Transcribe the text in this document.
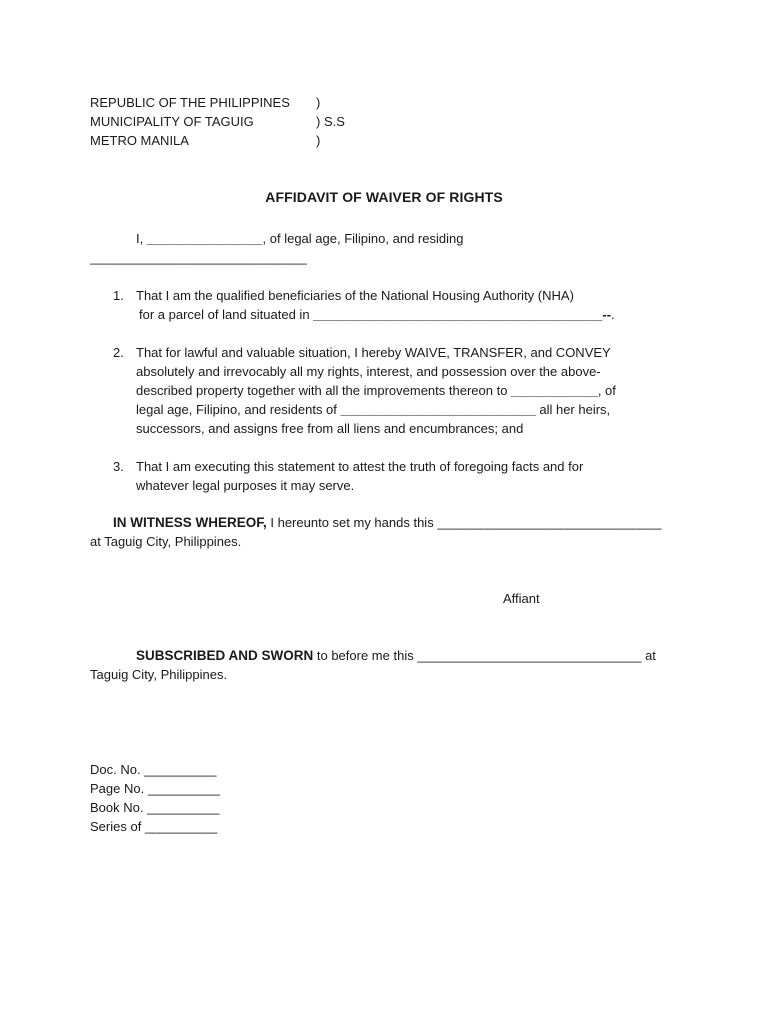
REPUBLIC OF THE PHILIPPINES
MUNICIPALITY OF TAGUIG
METRO MANILA
)
) S.S
)
AFFIDAVIT OF WAIVER OF RIGHTS
I, ________________, of legal age, Filipino, and residing
______________________________
1. That I am the qualified beneficiaries of the National Housing Authority (NHA)
for a parcel of land situated in ________________________________________--.
2. That for lawful and valuable situation, I hereby WAIVE, TRANSFER, and CONVEY
absolutely and irrevocably all my rights, interest, and possession over the above-
described property together with all the improvements thereon to ____________, of
legal age, Filipino, and residents of ___________________________ all her heirs,
successors, and assigns free from all liens and encumbrances; and
3. That I am executing this statement to attest the truth of foregoing facts and for
whatever legal purposes it may serve.
IN WITNESS WHEREOF, I hereunto set my hands this _______________________________
at Taguig City, Philippines.
Affiant
SUBSCRIBED AND SWORN to before me this _______________________________ at
Taguig City, Philippines.
Doc. No. __________
Page No. __________
Book No. __________
Series of __________
